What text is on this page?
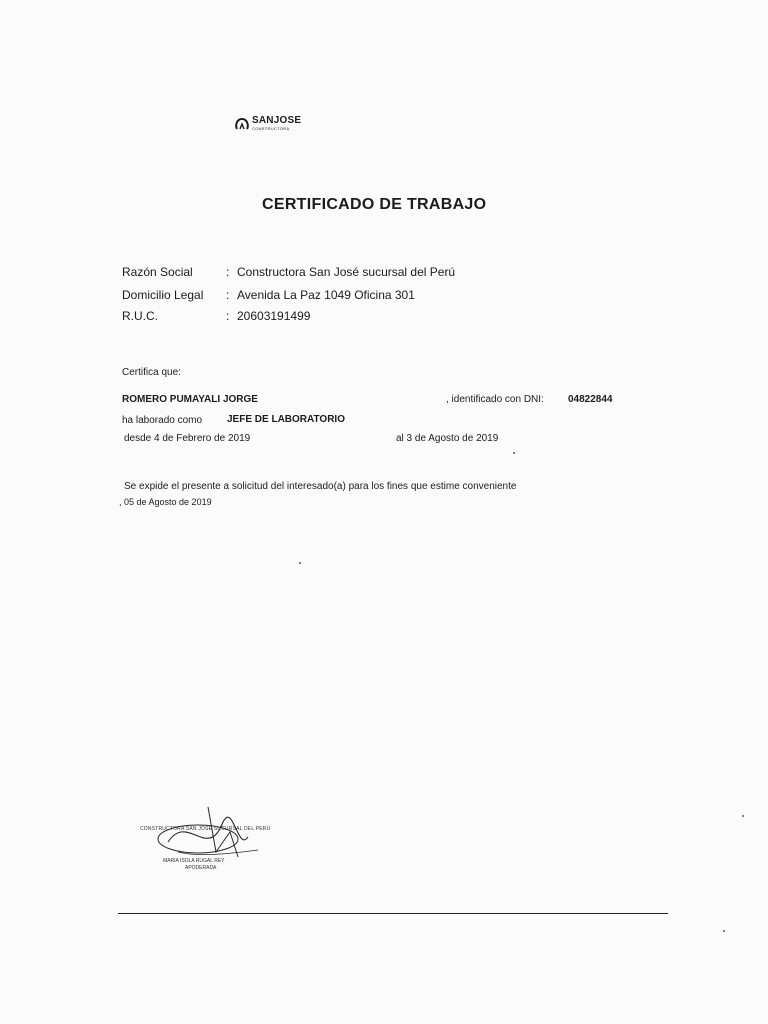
SANJOSE
CONSTRUCTORA
CERTIFICADO DE TRABAJO
Razón Social	: Constructora San José sucursal del Perú
Domicilio Legal : Avenida La Paz 1049 Oficina 301
R.U.C.	: 20603191499
Certifica que:
ROMERO PUMAYALI JORGE	, identificado con DNI: 04822844
ha laborado como JEFE DE LABORATORIO
desde 4 de Febrero de 2019	al 3 de Agosto de 2019
Se expide el presente a solicitud del interesado(a) para los fines que estime conveniente
, 05 de Agosto de 2019
CONSTRUCTORA SAN JOSE SUCURSAL DEL PERU
MARIA ISOLA RUGAL REY
APODERADA
